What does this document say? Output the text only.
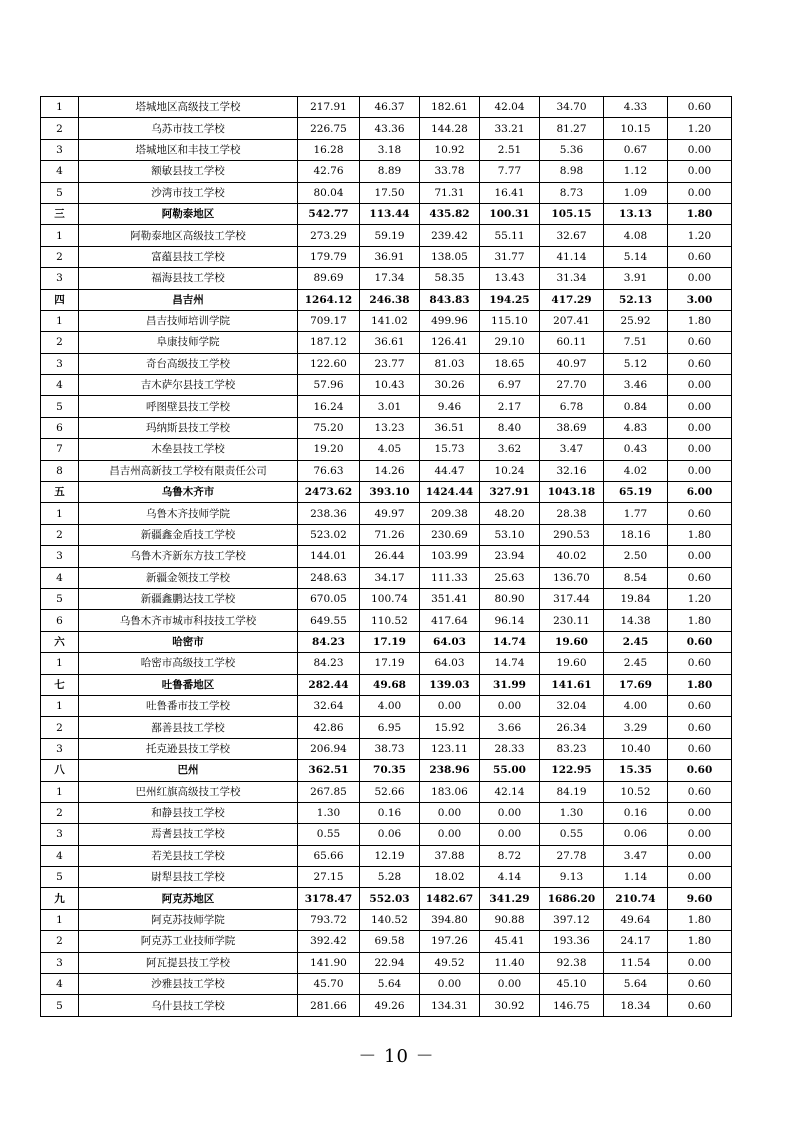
1	塔城地区高级技工学校	217.91	46.37	182.61	42.04	34.70	4.33	0.60
2	乌苏市技工学校	226.75	43.36	144.28	33.21	81.27	10.15	1.20
3	塔城地区和丰技工学校	16.28	3.18	10.92	2.51	5.36	0.67	0.00
4	额敏县技工学校	42.76	8.89	33.78	7.77	8.98	1.12	0.00
5	沙湾市技工学校	80.04	17.50	71.31	16.41	8.73	1.09	0.00
三	阿勒泰地区	542.77	113.44	435.82	100.31	105.15	13.13	1.80
1	阿勒泰地区高级技工学校	273.29	59.19	239.42	55.11	32.67	4.08	1.20
2	富蕴县技工学校	179.79	36.91	138.05	31.77	41.14	5.14	0.60
3	福海县技工学校	89.69	17.34	58.35	13.43	31.34	3.91	0.00
四	昌吉州	1264.12	246.38	843.83	194.25	417.29	52.13	3.00
1	昌吉技师培训学院	709.17	141.02	499.96	115.10	207.41	25.92	1.80
2	阜康技师学院	187.12	36.61	126.41	29.10	60.11	7.51	0.60
3	奇台高级技工学校	122.60	23.77	81.03	18.65	40.97	5.12	0.60
4	吉木萨尔县技工学校	57.96	10.43	30.26	6.97	27.70	3.46	0.00
5	呼图壁县技工学校	16.24	3.01	9.46	2.17	6.78	0.84	0.00
6	玛纳斯县技工学校	75.20	13.23	36.51	8.40	38.69	4.83	0.00
7	木垒县技工学校	19.20	4.05	15.73	3.62	3.47	0.43	0.00
8	昌吉州高新技工学校有限责任公司	76.63	14.26	44.47	10.24	32.16	4.02	0.00
五	乌鲁木齐市	2473.62	393.10	1424.44	327.91	1043.18	65.19	6.00
1	乌鲁木齐技师学院	238.36	49.97	209.38	48.20	28.38	1.77	0.60
2	新疆鑫金盾技工学校	523.02	71.26	230.69	53.10	290.53	18.16	1.80
3	乌鲁木齐新东方技工学校	144.01	26.44	103.99	23.94	40.02	2.50	0.00
4	新疆金领技工学校	248.63	34.17	111.33	25.63	136.70	8.54	0.60
5	新疆鑫鹏达技工学校	670.05	100.74	351.41	80.90	317.44	19.84	1.20
6	乌鲁木齐市城市科技技工学校	649.55	110.52	417.64	96.14	230.11	14.38	1.80
六	哈密市	84.23	17.19	64.03	14.74	19.60	2.45	0.60
1	哈密市高级技工学校	84.23	17.19	64.03	14.74	19.60	2.45	0.60
七	吐鲁番地区	282.44	49.68	139.03	31.99	141.61	17.69	1.80
1	吐鲁番市技工学校	32.64	4.00	0.00	0.00	32.04	4.00	0.60
2	鄯善县技工学校	42.86	6.95	15.92	3.66	26.34	3.29	0.60
3	托克逊县技工学校	206.94	38.73	123.11	28.33	83.23	10.40	0.60
八	巴州	362.51	70.35	238.96	55.00	122.95	15.35	0.60
1	巴州红旗高级技工学校	267.85	52.66	183.06	42.14	84.19	10.52	0.60
2	和静县技工学校	1.30	0.16	0.00	0.00	1.30	0.16	0.00
3	焉耆县技工学校	0.55	0.06	0.00	0.00	0.55	0.06	0.00
4	若羌县技工学校	65.66	12.19	37.88	8.72	27.78	3.47	0.00
5	尉犁县技工学校	27.15	5.28	18.02	4.14	9.13	1.14	0.00
九	阿克苏地区	3178.47	552.03	1482.67	341.29	1686.20	210.74	9.60
1	阿克苏技师学院	793.72	140.52	394.80	90.88	397.12	49.64	1.80
2	阿克苏工业技师学院	392.42	69.58	197.26	45.41	193.36	24.17	1.80
3	阿瓦提县技工学校	141.90	22.94	49.52	11.40	92.38	11.54	0.00
4	沙雅县技工学校	45.70	5.64	0.00	0.00	45.10	5.64	0.60
5	乌什县技工学校	281.66	49.26	134.31	30.92	146.75	18.34	0.60
－ 10 －
